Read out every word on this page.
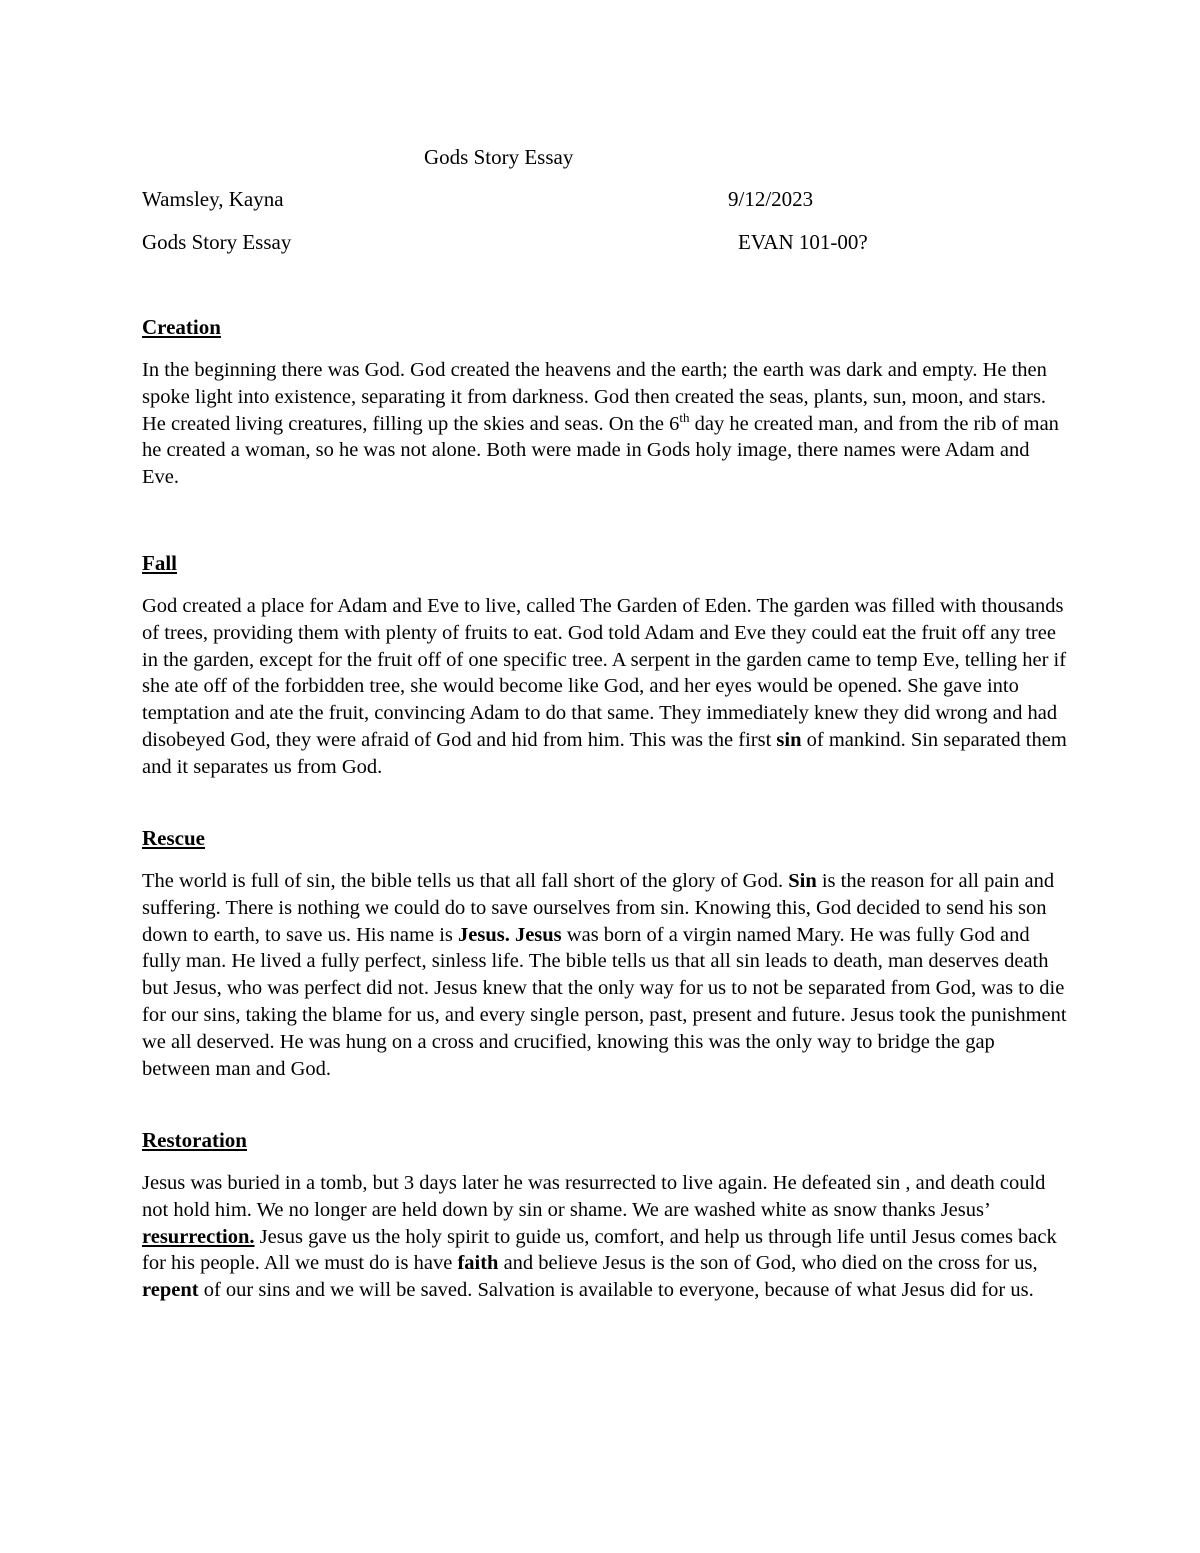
Gods Story Essay
Wamsley, Kayna	9/12/2023
Gods Story Essay	EVAN 101-00?

Creation

In the beginning there was God. God created the heavens and the earth; the earth was dark and empty. He then spoke light into existence, separating it from darkness. God then created the seas, plants, sun, moon, and stars. He created living creatures, filling up the skies and seas. On the 6th day he created man, and from the rib of man he created a woman, so he was not alone. Both were made in Gods holy image, there names were Adam and Eve.

Fall

God created a place for Adam and Eve to live, called The Garden of Eden. The garden was filled with thousands of trees, providing them with plenty of fruits to eat. God told Adam and Eve they could eat the fruit off any tree in the garden, except for the fruit off of one specific tree. A serpent in the garden came to temp Eve, telling her if she ate off of the forbidden tree, she would become like God, and her eyes would be opened. She gave into temptation and ate the fruit, convincing Adam to do that same. They immediately knew they did wrong and had disobeyed God, they were afraid of God and hid from him. This was the first sin of mankind. Sin separated them and it separates us from God.

Rescue

The world is full of sin, the bible tells us that all fall short of the glory of God. Sin is the reason for all pain and suffering. There is nothing we could do to save ourselves from sin. Knowing this, God decided to send his son down to earth, to save us. His name is Jesus. Jesus was born of a virgin named Mary. He was fully God and fully man. He lived a fully perfect, sinless life. The bible tells us that all sin leads to death, man deserves death but Jesus, who was perfect did not. Jesus knew that the only way for us to not be separated from God, was to die for our sins, taking the blame for us, and every single person, past, present and future. Jesus took the punishment we all deserved. He was hung on a cross and crucified, knowing this was the only way to bridge the gap between man and God.

Restoration

Jesus was buried in a tomb, but 3 days later he was resurrected to live again. He defeated sin , and death could not hold him. We no longer are held down by sin or shame. We are washed white as snow thanks Jesus’ resurrection. Jesus gave us the holy spirit to guide us, comfort, and help us through life until Jesus comes back for his people. All we must do is have faith and believe Jesus is the son of God, who died on the cross for us, repent of our sins and we will be saved. Salvation is available to everyone, because of what Jesus did for us.
